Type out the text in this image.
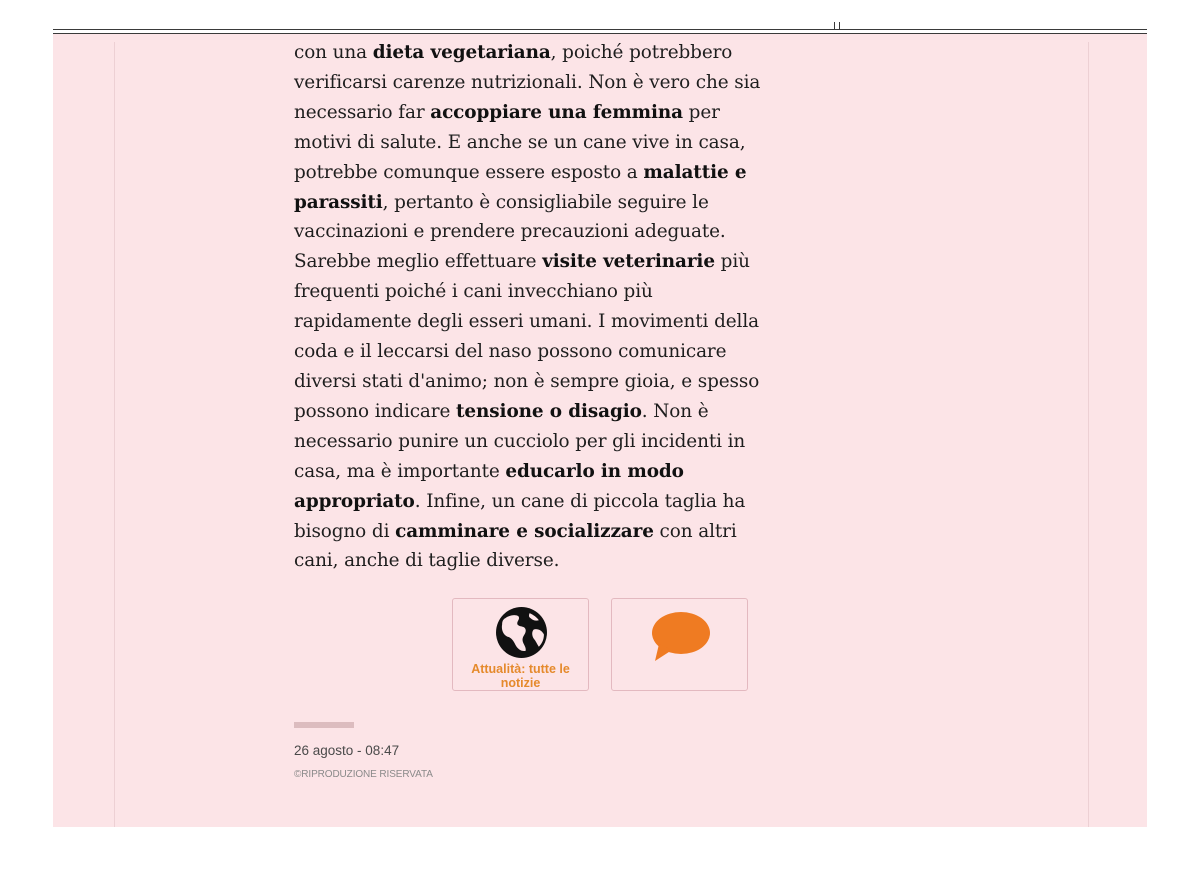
con una dieta vegetariana, poiché potrebbero verificarsi carenze nutrizionali. Non è vero che sia necessario far accoppiare una femmina per motivi di salute. E anche se un cane vive in casa, potrebbe comunque essere esposto a malattie e parassiti, pertanto è consigliabile seguire le vaccinazioni e prendere precauzioni adeguate. Sarebbe meglio effettuare visite veterinarie più frequenti poiché i cani invecchiano più rapidamente degli esseri umani. I movimenti della coda e il leccarsi del naso possono comunicare diversi stati d'animo; non è sempre gioia, e spesso possono indicare tensione o disagio. Non è necessario punire un cucciolo per gli incidenti in casa, ma è importante educarlo in modo appropriato. Infine, un cane di piccola taglia ha bisogno di camminare e socializzare con altri cani, anche di taglie diverse.

Attualità: tutte le notizie
26 agosto - 08:47
©RIPRODUZIONE RISERVATA
